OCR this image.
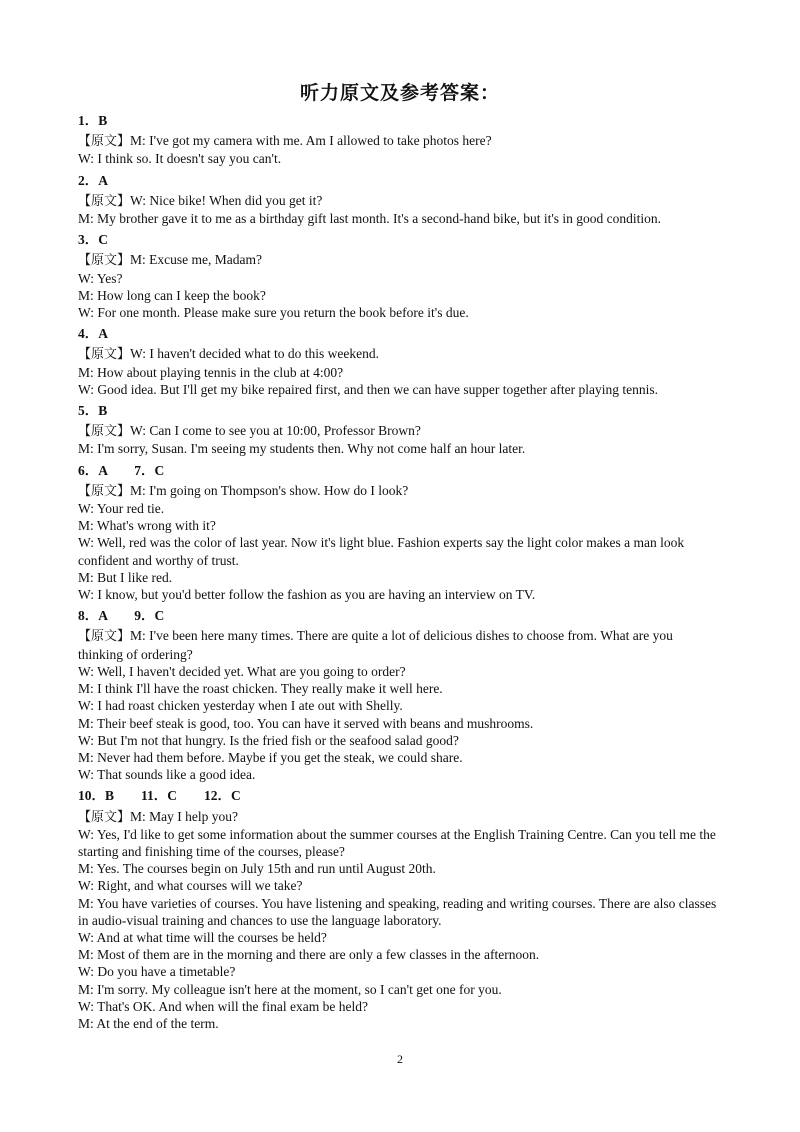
听力原文及参考答案：
1．B
【原文】M: I've got my camera with me. Am I allowed to take photos here?
W: I think so. It doesn't say you can't.
2．A
【原文】W: Nice bike! When did you get it?
M: My brother gave it to me as a birthday gift last month. It's a second-hand bike, but it's in good condition.
3．C
【原文】M: Excuse me, Madam?
W: Yes?
M: How long can I keep the book?
W: For one month. Please make sure you return the book before it's due.
4．A
【原文】W: I haven't decided what to do this weekend.
M: How about playing tennis in the club at 4:00?
W: Good idea. But I'll get my bike repaired first, and then we can have supper together after playing tennis.
5．B
【原文】W: Can I come to see you at 10:00, Professor Brown?
M: I'm sorry, Susan. I'm seeing my students then. Why not come half an hour later.
6．A　　7．C
【原文】M: I'm going on Thompson's show. How do I look?
W: Your red tie.
M: What's wrong with it?
W: Well, red was the color of last year. Now it's light blue. Fashion experts say the light color makes a man look confident and worthy of trust.
M: But I like red.
W: I know, but you'd better follow the fashion as you are having an interview on TV.
8．A　　9．C
【原文】M: I've been here many times. There are quite a lot of delicious dishes to choose from. What are you thinking of ordering?
W: Well, I haven't decided yet. What are you going to order?
M: I think I'll have the roast chicken. They really make it well here.
W: I had roast chicken yesterday when I ate out with Shelly.
M: Their beef steak is good, too. You can have it served with beans and mushrooms.
W: But I'm not that hungry. Is the fried fish or the seafood salad good?
M: Never had them before. Maybe if you get the steak, we could share.
W: That sounds like a good idea.
10．B　　11．C　　12．C
【原文】M: May I help you?
W: Yes, I'd like to get some information about the summer courses at the English Training Centre. Can you tell me the starting and finishing time of the courses, please?
M: Yes. The courses begin on July 15th and run until August 20th.
W: Right, and what courses will we take?
M: You have varieties of courses. You have listening and speaking, reading and writing courses. There are also classes in audio-visual training and chances to use the language laboratory.
W: And at what time will the courses be held?
M: Most of them are in the morning and there are only a few classes in the afternoon.
W: Do you have a timetable?
M: I'm sorry. My colleague isn't here at the moment, so I can't get one for you.
W: That's OK. And when will the final exam be held?
M: At the end of the term.
2
